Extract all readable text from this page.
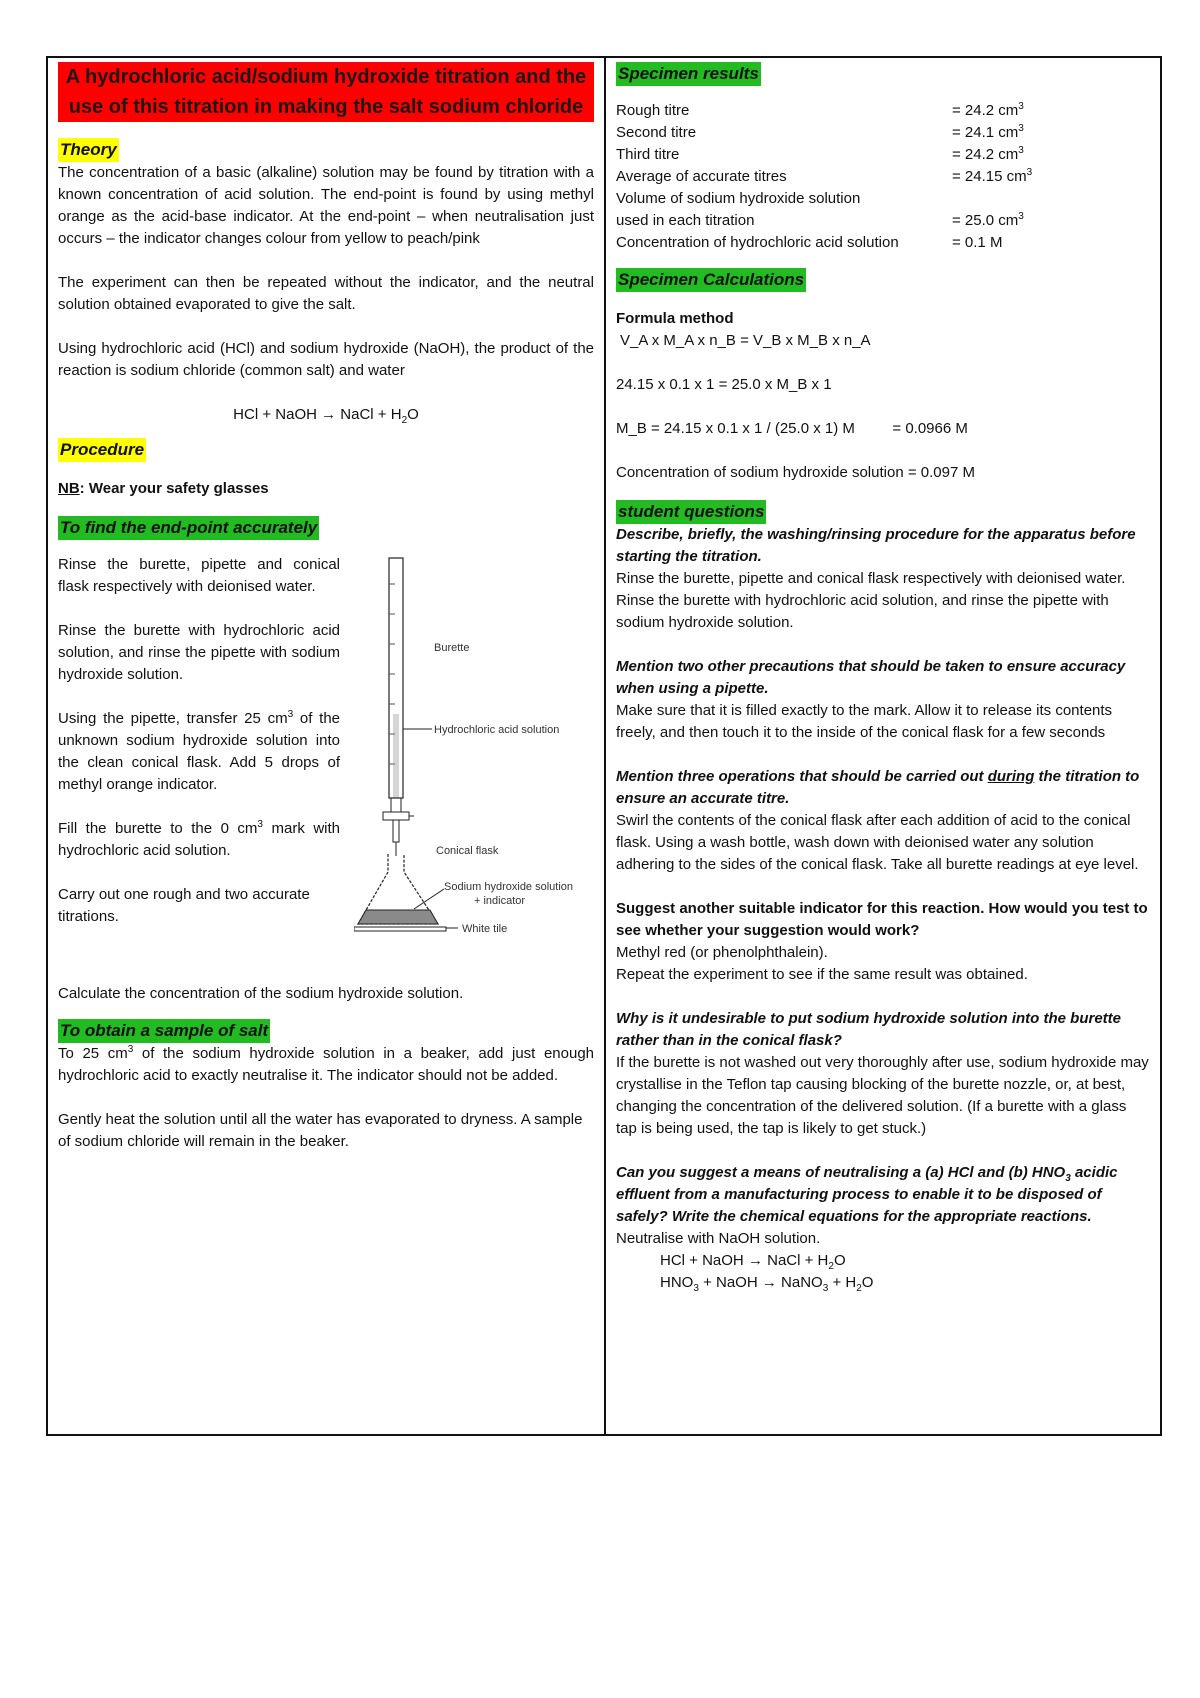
A hydrochloric acid/sodium hydroxide titration and the use of this titration in making the salt sodium chloride

Theory

The concentration of a basic (alkaline) solution may be found by titration with a known concentration of acid solution. The end-point is found by using methyl orange as the acid-base indicator. At the end-point – when neutralisation just occurs – the indicator changes colour from yellow to peach/pink

The experiment can then be repeated without the indicator, and the neutral solution obtained evaporated to give the salt.

Using hydrochloric acid (HCl) and sodium hydroxide (NaOH), the product of the reaction is sodium chloride (common salt) and water

HCl + NaOH → NaCl + $H_2O$

Procedure

NB: Wear your safety glasses

To find the end-point accurately

Rinse the burette, pipette and conical flask respectively with deionised water.

Rinse the burette with hydrochloric acid solution, and rinse the pipette with sodium hydroxide solution.

Using the pipette, transfer 25 $cm^3$ of the unknown sodium hydroxide solution into the clean conical flask. Add 5 drops of methyl orange indicator.

Fill the burette to the 0 $cm^3$ mark with hydrochloric acid solution.

Carry out one rough and two accurate titrations.

Burette
Hydrochloric acid solution
Conical flask
Sodium hydroxide solution
+ indicator
White tile

Calculate the concentration of the sodium hydroxide solution.

To obtain a sample of salt

To 25 $cm^3$ of the sodium hydroxide solution in a beaker, add just enough hydrochloric acid to exactly neutralise it. The indicator should not be added.

Gently heat the solution until all the water has evaporated to dryness. A sample of sodium chloride will remain in the beaker.

Specimen results
Rough titre	= 24.2 $cm^3$
Second titre	= 24.1 $cm^3$
Third titre	= 24.2 $cm^3$
Average of accurate titres	= 24.15 $cm^3$
Volume of sodium hydroxide solution
used in each titration	= 25.0 $cm^3$
Concentration of hydrochloric acid solution	= 0.1 M
Specimen Calculations

Formula method

V_A x M_A x n_B = V_B x M_B x n_A

24.15 x 0.1 x 1 = 25.0 x M_B x 1

M_B = 24.15 x 0.1 x 1 / (25.0 x 1) M	= 0.0966 M

Concentration of sodium hydroxide solution = 0.097 M

student questions

Describe, briefly, the washing/rinsing procedure for the apparatus before starting the titration.

Rinse the burette, pipette and conical flask respectively with deionised water. Rinse the burette with hydrochloric acid solution, and rinse the pipette with sodium hydroxide solution.

Mention two other precautions that should be taken to ensure accuracy when using a pipette.

Make sure that it is filled exactly to the mark. Allow it to release its contents freely, and then touch it to the inside of the conical flask for a few seconds

Mention three operations that should be carried out during the titration to ensure an accurate titre.

Swirl the contents of the conical flask after each addition of acid to the conical flask. Using a wash bottle, wash down with deionised water any solution adhering to the sides of the conical flask. Take all burette readings at eye level.

Suggest another suitable indicator for this reaction. How would you test to see whether your suggestion would work?

Methyl red (or phenolphthalein).

Repeat the experiment to see if the same result was obtained.

Why is it undesirable to put sodium hydroxide solution into the burette rather than in the conical flask?

If the burette is not washed out very thoroughly after use, sodium hydroxide may crystallise in the Teflon tap causing blocking of the burette nozzle, or, at best, changing the concentration of the delivered solution. (If a burette with a glass tap is being used, the tap is likely to get stuck.)

Can you suggest a means of neutralising a (a) HCl and (b) $HNO_3$ acidic effluent from a manufacturing process to enable it to be disposed of safely? Write the chemical equations for the appropriate reactions.

Neutralise with NaOH solution.

HCl + NaOH → NaCl + $H_2O$

$HNO_3$ + NaOH → NaNO$_3$ + $H_2O$
